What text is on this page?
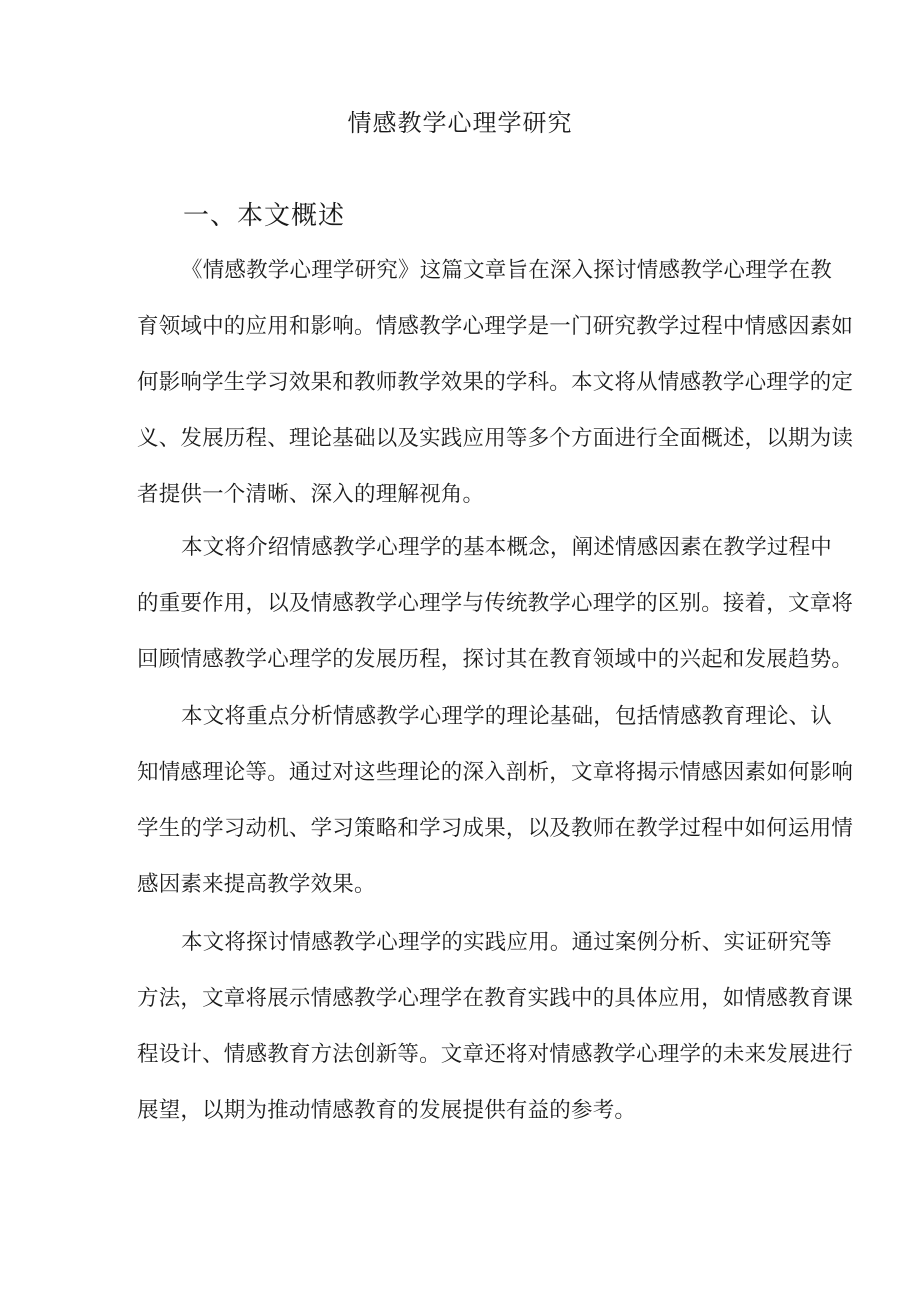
情感教学心理学研究
一、本文概述
《情感教学心理学研究》这篇文章旨在深入探讨情感教学心理学在教
育领域中的应用和影响。情感教学心理学是一门研究教学过程中情感因素如
何影响学生学习效果和教师教学效果的学科。本文将从情感教学心理学的定
义、发展历程、理论基础以及实践应用等多个方面进行全面概述，以期为读
者提供一个清晰、深入的理解视角。
本文将介绍情感教学心理学的基本概念，阐述情感因素在教学过程中
的重要作用，以及情感教学心理学与传统教学心理学的区别。接着，文章将
回顾情感教学心理学的发展历程，探讨其在教育领域中的兴起和发展趋势。
本文将重点分析情感教学心理学的理论基础，包括情感教育理论、认
知情感理论等。通过对这些理论的深入剖析，文章将揭示情感因素如何影响
学生的学习动机、学习策略和学习成果，以及教师在教学过程中如何运用情
感因素来提高教学效果。
本文将探讨情感教学心理学的实践应用。通过案例分析、实证研究等
方法，文章将展示情感教学心理学在教育实践中的具体应用，如情感教育课
程设计、情感教育方法创新等。文章还将对情感教学心理学的未来发展进行
展望，以期为推动情感教育的发展提供有益的参考。
